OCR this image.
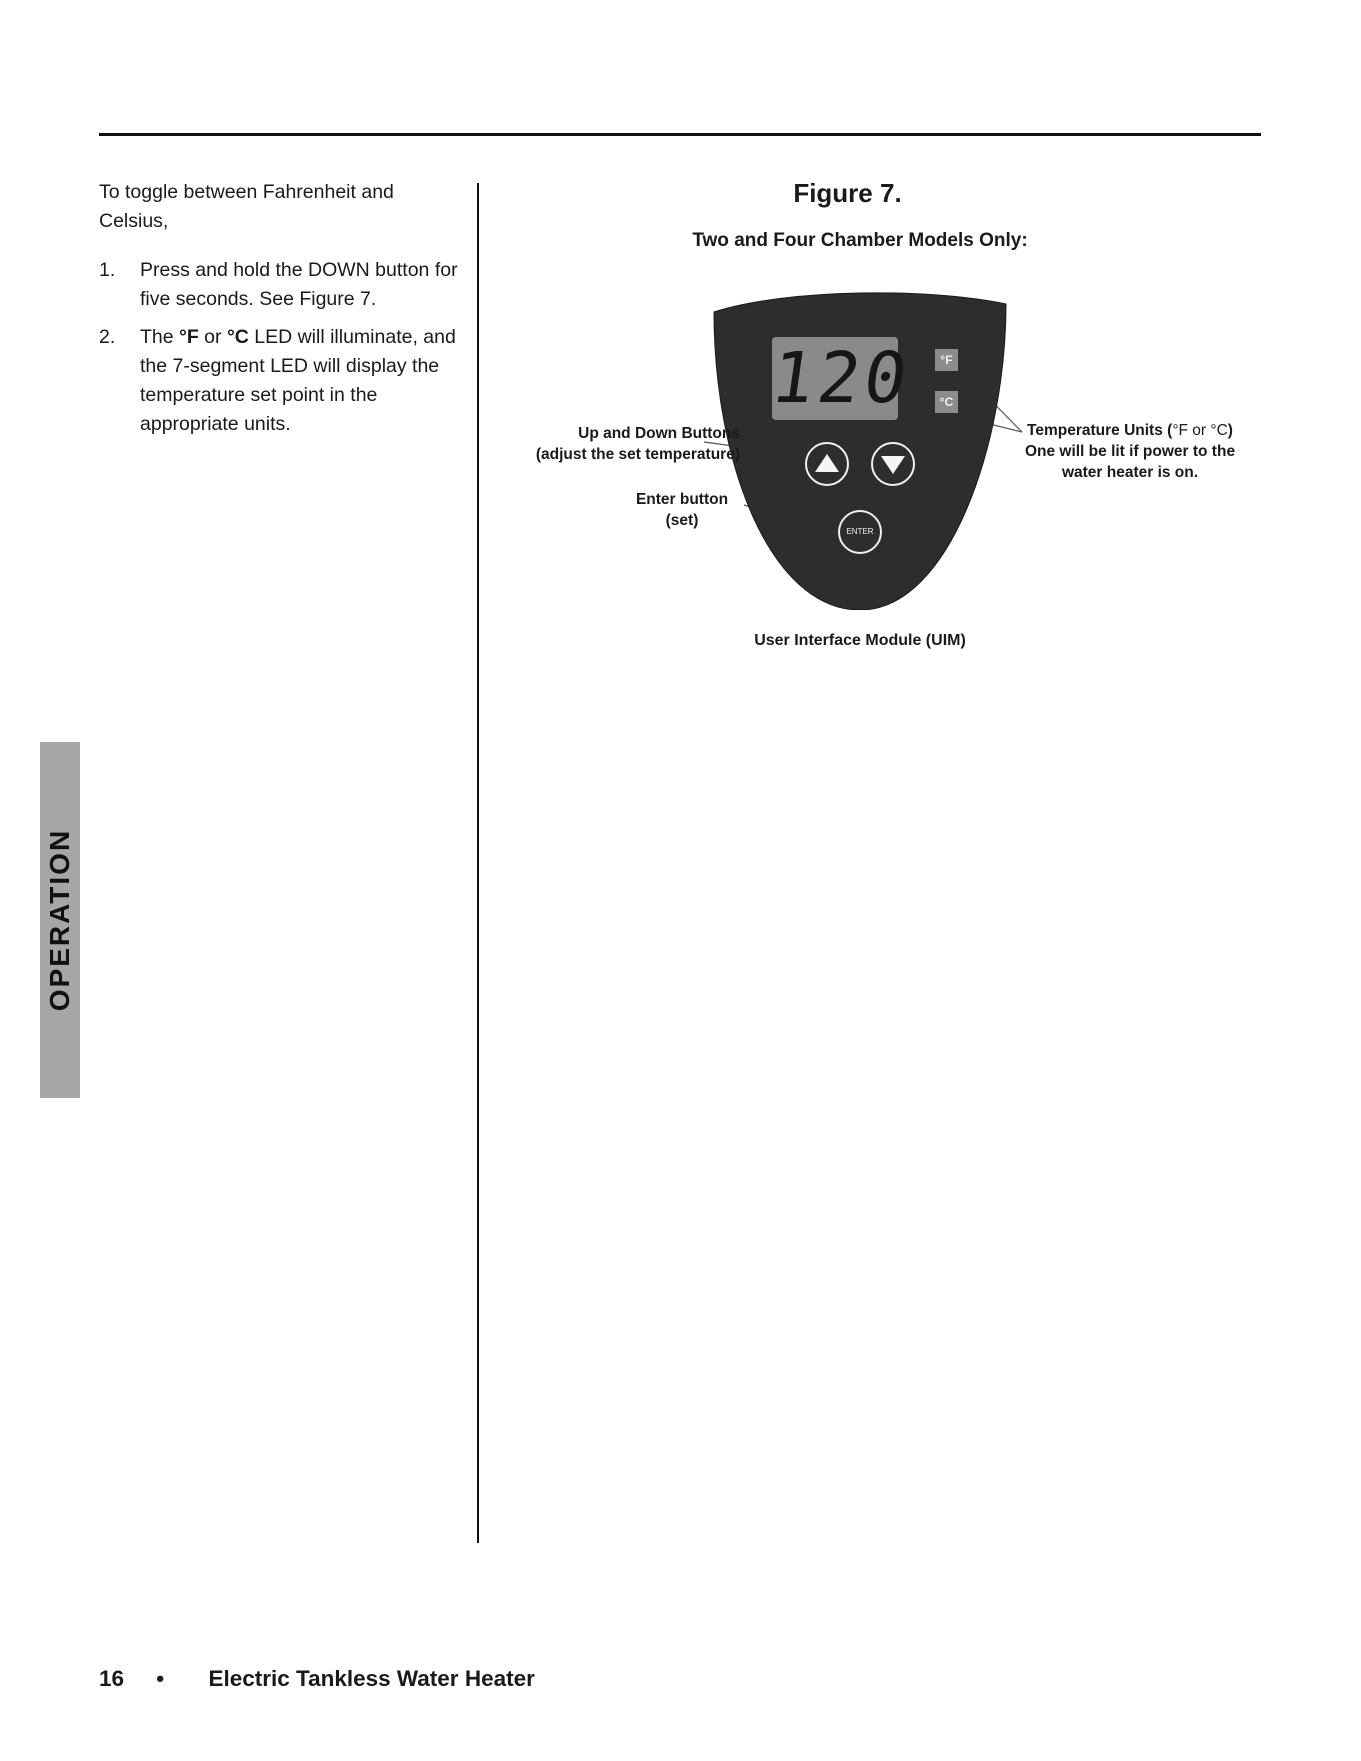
To toggle between Fahrenheit and Celsius,

1. Press and hold the DOWN button for five seconds. See Figure 7.
2. The °F or °C LED will illuminate, and the 7-segment LED will display the temperature set point in the appropriate units.
OPERATION
Figure 7.
Two and Four Chamber Models Only:
120	°F
°C
ENTER
Up and Down Buttons
(adjust the set temperature)
Enter button
(set)
Temperature Units (°F or °C)
One will be lit if power to the
water heater is on.
User Interface Module (UIM)
16 • Electric Tankless Water Heater
